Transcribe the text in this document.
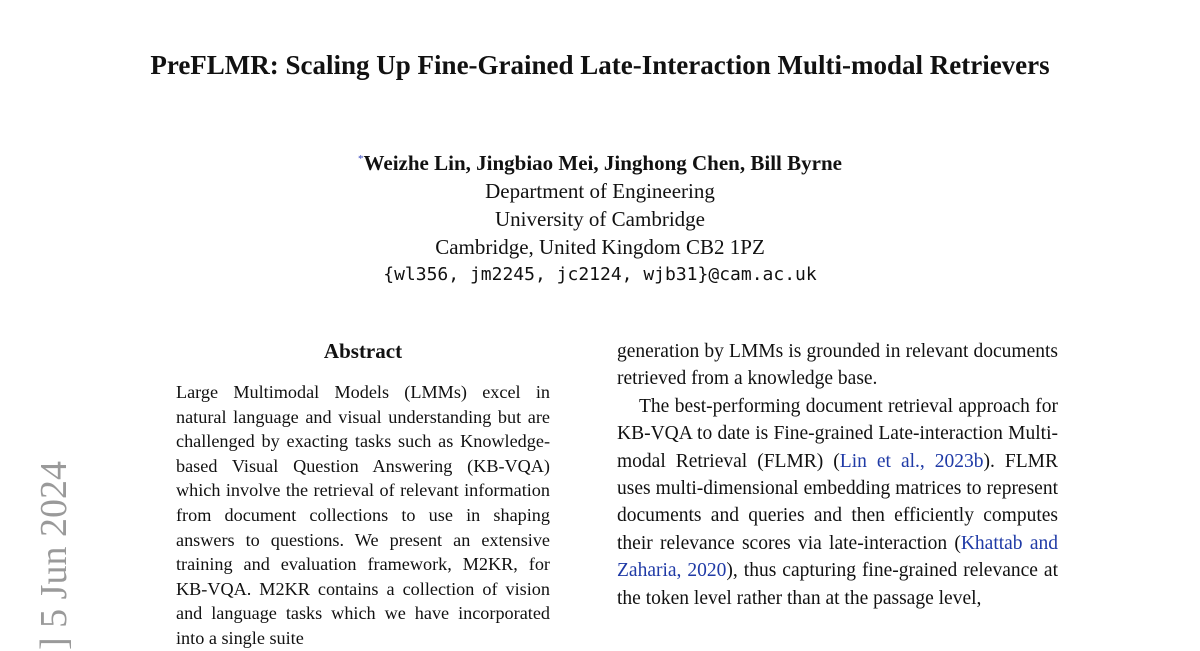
PreFLMR: Scaling Up Fine-Grained Late-Interaction Multi-modal Retrievers
*Weizhe Lin, Jingbiao Mei, Jinghong Chen, Bill Byrne
Department of Engineering
University of Cambridge
Cambridge, United Kingdom CB2 1PZ
{wl356, jm2245, jc2124, wjb31}@cam.ac.uk
] 5 Jun 2024
Abstract

Large Multimodal Models (LMMs) excel in natural language and visual understanding but are challenged by exacting tasks such as Knowledge-based Visual Question Answering (KB-VQA) which involve the retrieval of relevant information from document collections to use in shaping answers to questions. We present an extensive training and evaluation framework, M2KR, for KB-VQA. M2KR contains a collection of vision and language tasks which we have incorporated into a single suite

generation by LMMs is grounded in relevant documents retrieved from a knowledge base.

The best-performing document retrieval approach for KB-VQA to date is Fine-grained Late-interaction Multi-modal Retrieval (FLMR) (Lin et al., 2023b). FLMR uses multi-dimensional embedding matrices to represent documents and queries and then efficiently computes their relevance scores via late-interaction (Khattab and Zaharia, 2020), thus capturing fine-grained relevance at the token level rather than at the passage level,
